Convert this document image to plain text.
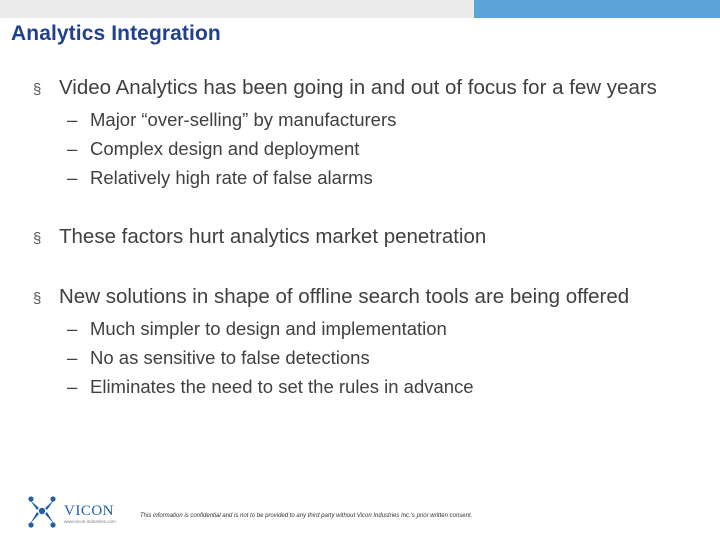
Analytics Integration
§ Video Analytics has been going in and out of focus for a few years
– Major “over-selling” by manufacturers
– Complex design and deployment
– Relatively high rate of false alarms
§ These factors hurt analytics market penetration
§ New solutions in shape of offline search tools are being offered
– Much simpler to design and implementation
– No as sensitive to false detections
– Eliminates the need to set the rules in advance
VICON
www.vicon-industries.com
This information is confidential and is not to be provided to any third party without Vicon Industries Inc.’s prior written consent.
